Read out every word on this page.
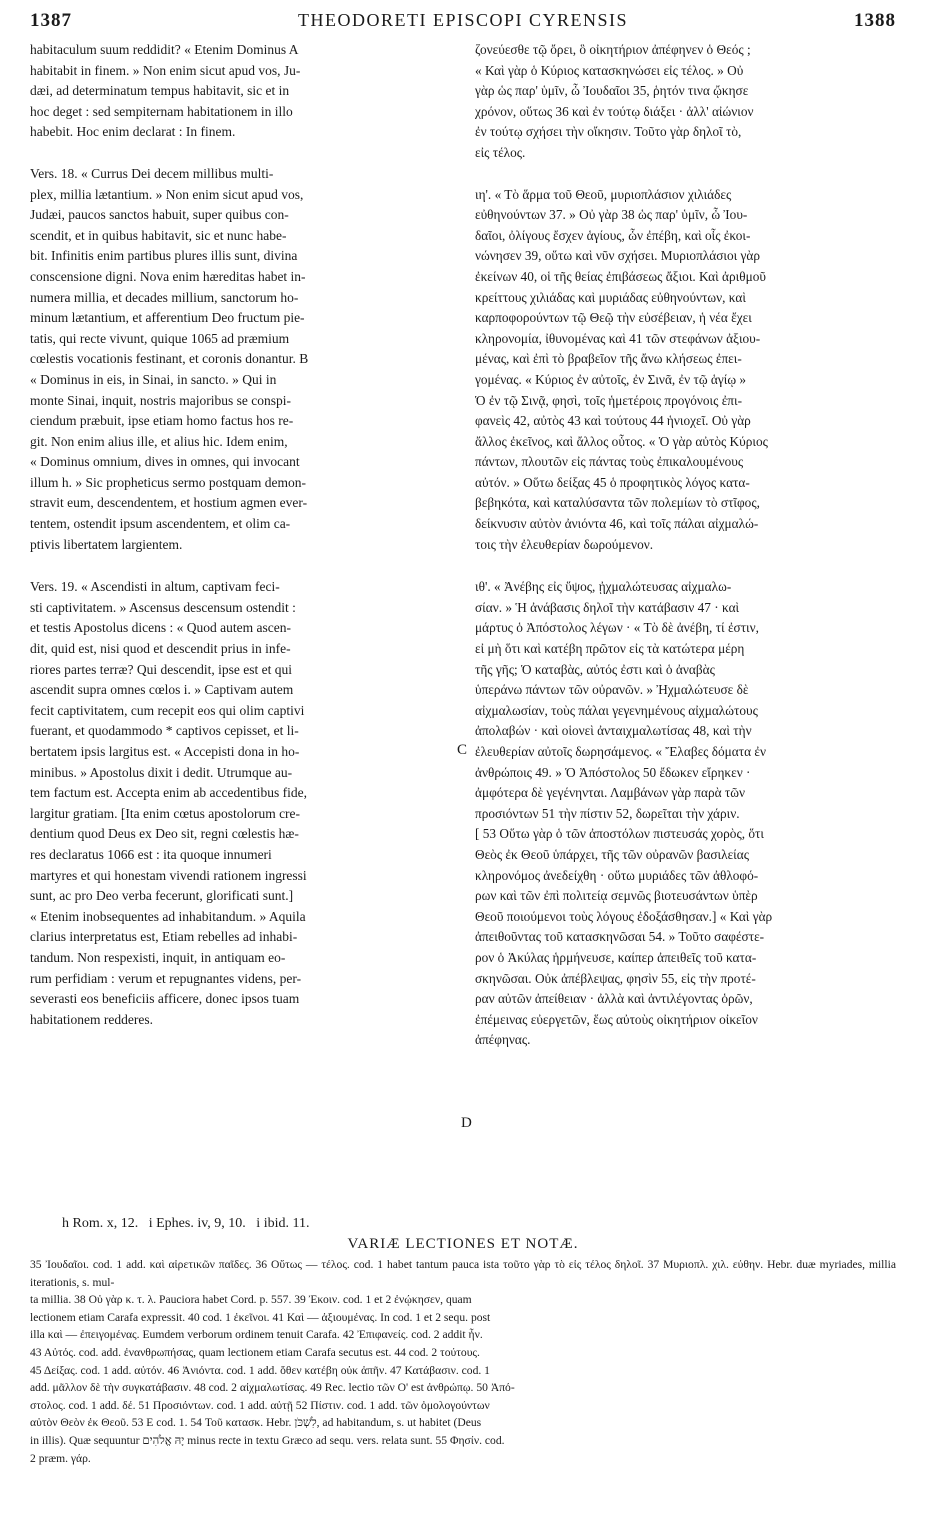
1387	THEODORETI EPISCOPI CYRENSIS	1388

habitaculum suum reddidit? « Etenim Dominus A
habitabit in finem. » Non enim sicut apud vos, Ju-
dæi, ad determinatum tempus habitavit, sic et in
hoc deget : sed sempiternam habitationem in illo
habebit. Hoc enim declarat : In finem.

Vers. 18. « Currus Dei decem millibus multi-
plex, millia lætantium. » Non enim sicut apud vos,
Judæi, paucos sanctos habuit, super quibus con-
scendit, et in quibus habitavit, sic et nunc habe-
bit. Infinitis enim partibus plures illis sunt, divina
conscensione digni. Nova enim hæreditas habet in-
numera millia, et decades millium, sanctorum ho-
minum lætantium, et afferentium Deo fructum pie-
tatis, qui recte vivunt, quique 1065 ad præmium
cœlestis vocationis festinant, et coronis donantur. B
« Dominus in eis, in Sinai, in sancto. » Qui in
monte Sinai, inquit, nostris majoribus se conspi-
ciendum præbuit, ipse etiam homo factus hos re-
git. Non enim alius ille, et alius hic. Idem enim,
« Dominus omnium, dives in omnes, qui invocant
illum h. » Sic propheticus sermo postquam demon-
stravit eum, descendentem, et hostium agmen ever-
tentem, ostendit ipsum ascendentem, et olim ca-
ptivis libertatem largientem.

Vers. 19. « Ascendisti in altum, captivam feci-
sti captivitatem. » Ascensus descensum ostendit :
et testis Apostolus dicens : « Quod autem ascen-
dit, quid est, nisi quod et descendit prius in infe-
riores partes terræ? Qui descendit, ipse est et qui
ascendit supra omnes cœlos i. » Captivam autem
fecit captivitatem, cum recepit eos qui olim captivi
fuerant, et quodammodo * captivos cepisset, et li-
bertatem ipsis largitus est. « Accepisti dona in ho-
minibus. » Apostolus dixit i dedit. Utrumque au-
tem factum est. Accepta enim ab accedentibus fide,
largitur gratiam. [Ita enim cœtus apostolorum cre-
dentium quod Deus ex Deo sit, regni cœlestis hæ-
res declaratus 1066 est : ita quoque innumeri
martyres et qui honestam vivendi rationem ingressi
sunt, ac pro Deo verba fecerunt, glorificati sunt.]
« Etenim inobsequentes ad inhabitandum. » Aquila
clarius interpretatus est, Etiam rebelles ad inhabi-
tandum. Non respexisti, inquit, in antiquam eo-
rum perfidiam : verum et repugnantes videns, per-
severasti eos beneficiis afficere, donec ipsos tuam
habitationem redderes.

ζονεύεσθε τῷ ὄρει, ὃ οἰκητήριον ἀπέφηνεν ὁ Θεός ;
« Καὶ γὰρ ὁ Κύριος κατασκηνώσει εἰς τέλος. » Οὐ
γὰρ ὡς παρ' ὑμῖν, ὦ Ἰουδαῖοι 35, ῥητόν τινα ᾤκησε
χρόνον, οὕτως 36 καὶ ἐν τούτῳ διάξει · ἀλλ' αἰώνιον
ἐν τούτῳ σχήσει τὴν οἴκησιν. Τοῦτο γὰρ δηλοῖ τὸ,
εἰς τέλος.

ιη'. « Τὸ ἅρμα τοῦ Θεοῦ, μυριοπλάσιον χιλιάδες
εὐθηνούντων 37. » Οὐ γὰρ 38 ὡς παρ' ὑμῖν, ὦ Ἰου-
δαῖοι, ὀλίγους ἔσχεν ἁγίους, ὧν ἐπέβη, καὶ οἷς ἐκοι-
νώνησεν 39, οὕτω καὶ νῦν σχήσει. Μυριοπλάσιοι γὰρ
ἐκείνων 40, οἱ τῆς θείας ἐπιβάσεως ἄξιοι. Καὶ ἀριθμοῦ
κρείττους χιλιάδας καὶ μυριάδας εὐθηνούντων, καὶ
καρποφορούντων τῷ Θεῷ τὴν εὐσέβειαν, ἡ νέα ἔχει
κληρονομία, ἰθυνομένας καὶ 41 τῶν στεφάνων ἀξιου-
μένας, καὶ ἐπὶ τὸ βραβεῖον τῆς ἄνω κλήσεως ἐπει-
γομένας. « Κύριος ἐν αὐτοῖς, ἐν Σινᾶ, ἐν τῷ ἁγίῳ »
Ὁ ἐν τῷ Σινᾷ, φησὶ, τοῖς ἡμετέροις προγόνοις ἐπι-
φανεὶς 42, αὐτὸς 43 καὶ τούτους 44 ἡνιοχεῖ. Οὐ γὰρ
ἄλλος ἐκεῖνος, καὶ ἄλλος οὗτος. « Ὁ γὰρ αὐτὸς Κύριος
πάντων, πλουτῶν εἰς πάντας τοὺς ἐπικαλουμένους
αὐτόν. » Οὕτω δείξας 45 ὁ προφητικὸς λόγος κατα-
βεβηκότα, καὶ καταλύσαντα τῶν πολεμίων τὸ στῖφος,
δείκνυσιν αὐτὸν ἀνιόντα 46, καὶ τοῖς πάλαι αἰχμαλώ-
τοις τὴν ἐλευθερίαν δωρούμενον.

ιθ'. « Ἀνέβης εἰς ὕψος, ᾐχμαλώτευσας αἰχμαλω-
σίαν. » Ἡ ἀνάβασις δηλοῖ τὴν κατάβασιν 47 · καὶ
μάρτυς ὁ Ἀπόστολος λέγων · « Τὸ δὲ ἀνέβη, τί ἐστιν,
εἰ μὴ ὅτι καὶ κατέβη πρῶτον εἰς τὰ κατώτερα μέρη
τῆς γῆς; Ὁ καταβὰς, αὐτός ἐστι καὶ ὁ ἀναβὰς
ὑπεράνω πάντων τῶν οὐρανῶν. » Ἠχμαλώτευσε δὲ
αἰχμαλωσίαν, τοὺς πάλαι γεγενημένους αἰχμαλώτους
ἀπολαβών · καὶ οἱονεὶ ἀνταιχμαλωτίσας 48, καὶ τὴν
ἐλευθερίαν αὐτοῖς δωρησάμενος. « Ἔλαβες δόματα ἐν
ἀνθρώποις 49. » Ὁ Ἀπόστολος 50 ἔδωκεν εἴρηκεν ·
ἀμφότερα δὲ γεγένηνται. Λαμβάνων γὰρ παρὰ τῶν
προσιόντων 51 τὴν πίστιν 52, δωρεῖται τὴν χάριν.
[ 53 Οὕτω γὰρ ὁ τῶν ἀποστόλων πιστευσάς χορὸς, ὅτι
Θεὸς ἐκ Θεοῦ ὑπάρχει, τῆς τῶν οὐρανῶν βασιλείας
κληρονόμος ἀνεδείχθη · οὕτω μυριάδες τῶν ἀθλοφό-
ρων καὶ τῶν ἐπὶ πολιτείᾳ σεμνῶς βιοτευσάντων ὑπὲρ
Θεοῦ ποιούμενοι τοὺς λόγους ἐδοξάσθησαν.] « Καὶ γὰρ
ἀπειθοῦντας τοῦ κατασκηνῶσαι 54. » Τοῦτο σαφέστε-
ρον ὁ Ἀκύλας ἡρμήνευσε, καίπερ ἀπειθεῖς τοῦ κατα-
σκηνῶσαι. Οὐκ ἀπέβλεψας, φησὶν 55, εἰς τὴν προτέ-
ραν αὐτῶν ἀπείθειαν · ἀλλὰ καὶ ἀντιλέγοντας ὁρῶν,
ἐπέμεινας εὐεργετῶν, ἕως αὐτοὺς οἰκητήριον οἰκεῖον
ἀπέφηνας.

C
D
h Rom. x, 12.   i Ephes. iv, 9, 10.   i ibid. 11.
VARIÆ LECTIONES ET NOTÆ.

35 Ἰουδαῖοι. cod. 1 add. καὶ αἱρετικῶν παῖδες. 36 Οὕτως — τέλος. cod. 1 habet tantum pauca ista τοῦτο γὰρ τὸ εἰς τέλος δηλοῖ. 37 Μυριοπλ. χιλ. εὐθην. Hebr. duæ myriades, millia iterationis, s. mul-
ta millia. 38 Οὐ γὰρ κ. τ. λ. Pauciora habet Cord. p. 557. 39 Ἐκοιν. cod. 1 et 2 ἐνῴκησεν, quam
lectionem etiam Carafa expressit. 40 cod. 1 ἐκεῖνοι. 41 Καὶ — ἀξιουμένας. In cod. 1 et 2 sequ. post
illa καὶ — ἐπειγομένας. Eumdem verborum ordinem tenuit Carafa. 42 Ἐπιφανείς. cod. 2 addit ἦν.
43 Αὐτός. cod. add. ἐνανθρωπήσας, quam lectionem etiam Carafa secutus est. 44 cod. 2 τούτους.
45 Δείξας. cod. 1 add. αὐτόν. 46 Ἀνιόντα. cod. 1 add. ὅθεν κατέβη οὐκ ἀπῆν. 47 Κατάβασιν. cod. 1
add. μᾶλλον δὲ τὴν συγκατάβασιν. 48 cod. 2 αἰχμαλωτίσας. 49 Rec. lectio τῶν Ο' est ἀνθρώπῳ. 50 Ἀπό-
στολος. cod. 1 add. δέ. 51 Προσιόντων. cod. 1 add. αὐτῇ 52 Πίστιν. cod. 1 add. τῶν ὁμολογούντων
αὐτὸν Θεὸν ἐκ Θεοῦ. 53 E cod. 1. 54 Τοῦ κατασκ. Hebr. לִשְׁכֹּן, ad habitandum, s. ut habitet (Deus
in illis). Quæ sequuntur יָהּ אֱלֹהִים minus recte in textu Græco ad sequ. vers. relata sunt. 55 Φησίν. cod.
2 præm. γάρ.
